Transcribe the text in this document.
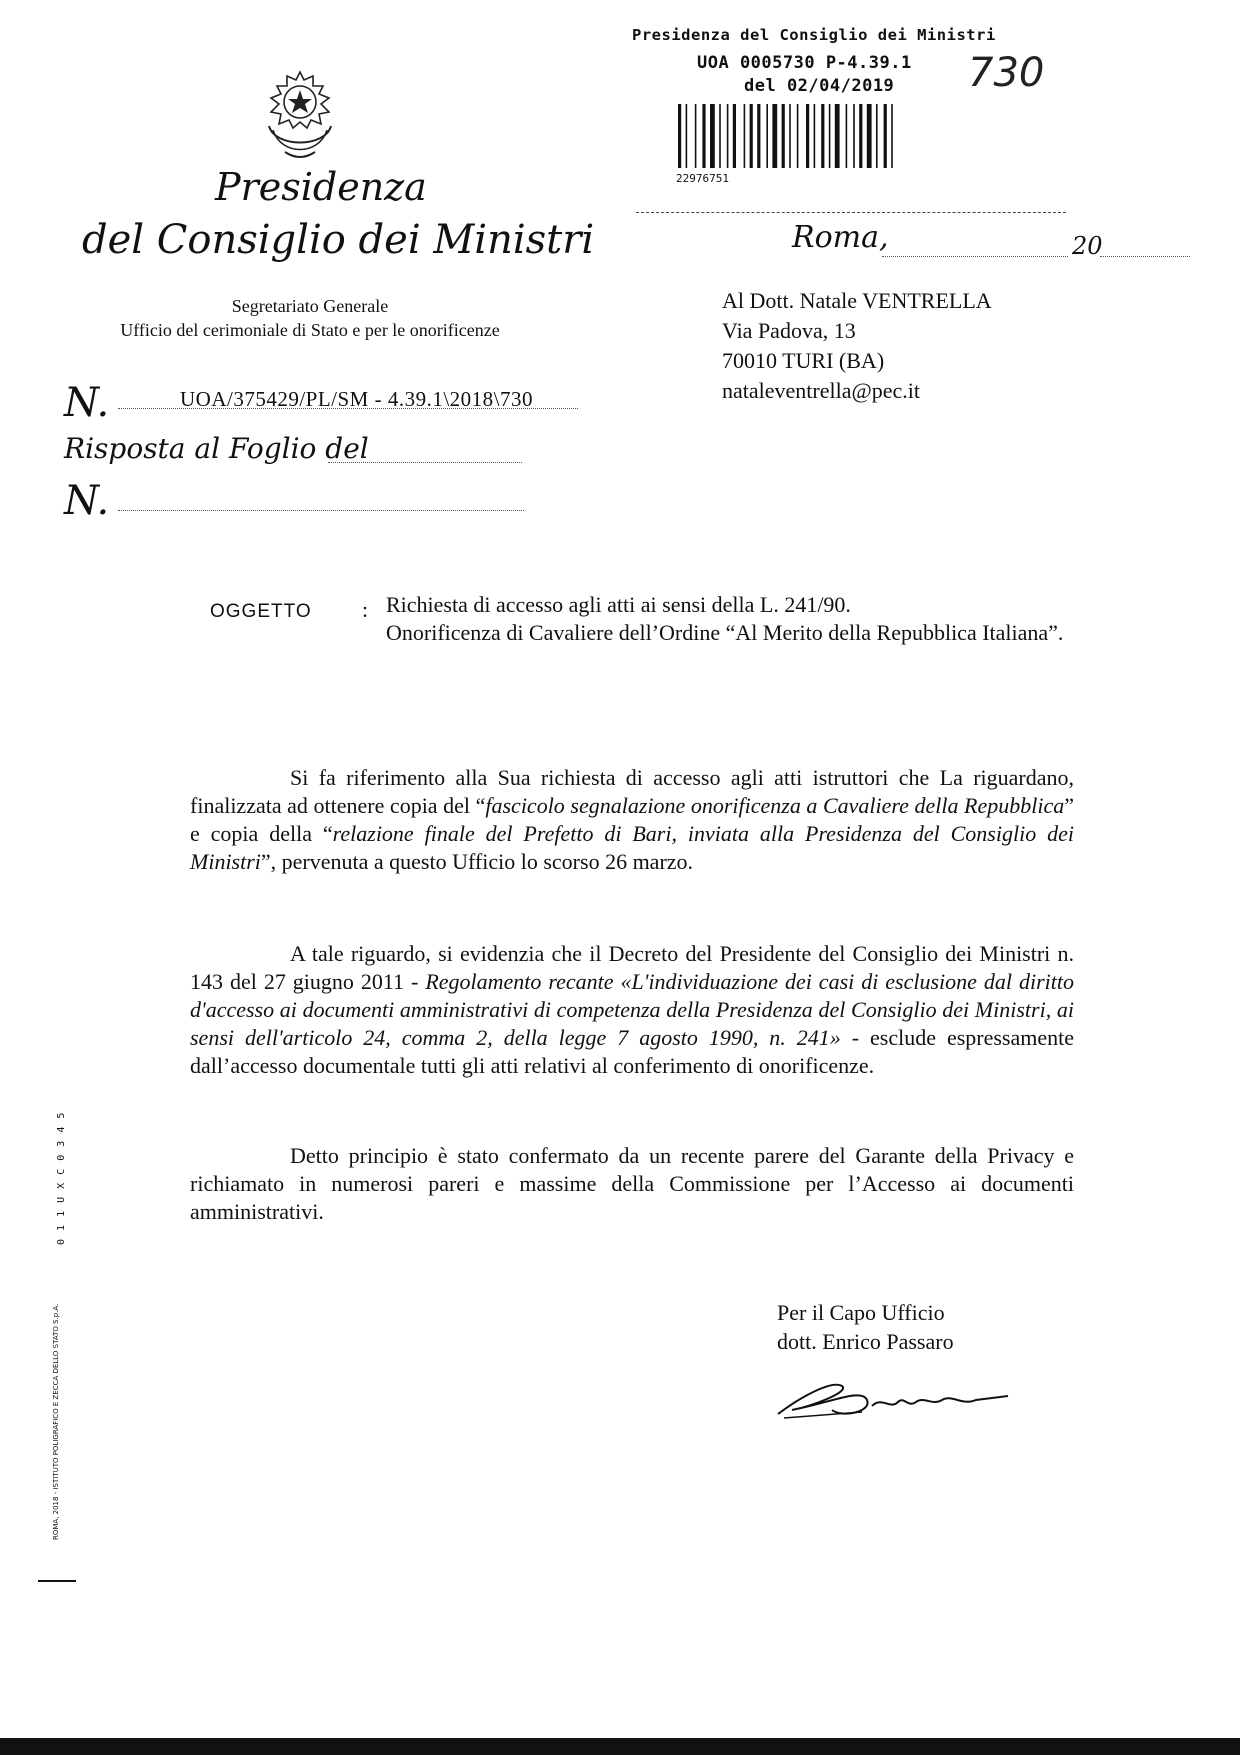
Presidenza del Consiglio dei Ministri
UOA 0005730 P-4.39.1
del 02/04/2019 730
22976751
Presidenza
del Consiglio dei Ministri
Segretariato Generale
Ufficio del cerimoniale di Stato e per le onorificenze
N.	UOA/375429/PL/SM - 4.39.1\2018\730
Risposta al Foglio del
N.
Roma,	20
Al Dott. Natale VENTRELLA
Via Padova, 13
70010 TURI (BA)
nataleventrella@pec.it
OGGETTO : Richiesta di accesso agli atti ai sensi della L. 241/90.
Onorificenza di Cavaliere dell’Ordine “Al Merito della Repubblica Italiana”.

Si fa riferimento alla Sua richiesta di accesso agli atti istruttori che La riguardano, finalizzata ad ottenere copia del “fascicolo segnalazione onorificenza a Cavaliere della Repubblica” e copia della “relazione finale del Prefetto di Bari, inviata alla Presidenza del Consiglio dei Ministri”, pervenuta a questo Ufficio lo scorso 26 marzo.

A tale riguardo, si evidenzia che il Decreto del Presidente del Consiglio dei Ministri n. 143 del 27 giugno 2011 - Regolamento recante «L'individuazione dei casi di esclusione dal diritto d'accesso ai documenti amministrativi di competenza della Presidenza del Consiglio dei Ministri, ai sensi dell'articolo 24, comma 2, della legge 7 agosto 1990, n. 241» - esclude espressamente dall’accesso documentale tutti gli atti relativi al conferimento di onorificenze.

Detto principio è stato confermato da un recente parere del Garante della Privacy e richiamato in numerosi pareri e massime della Commissione per l’Accesso ai documenti amministrativi.

Per il Capo Ufficio
dott. Enrico Passaro
ROMA, 2018 - ISTITUTO POLIGRAFICO E ZECCA DELLO STATO S.p.A.
0 1 1 U X C 0 3 4 5
